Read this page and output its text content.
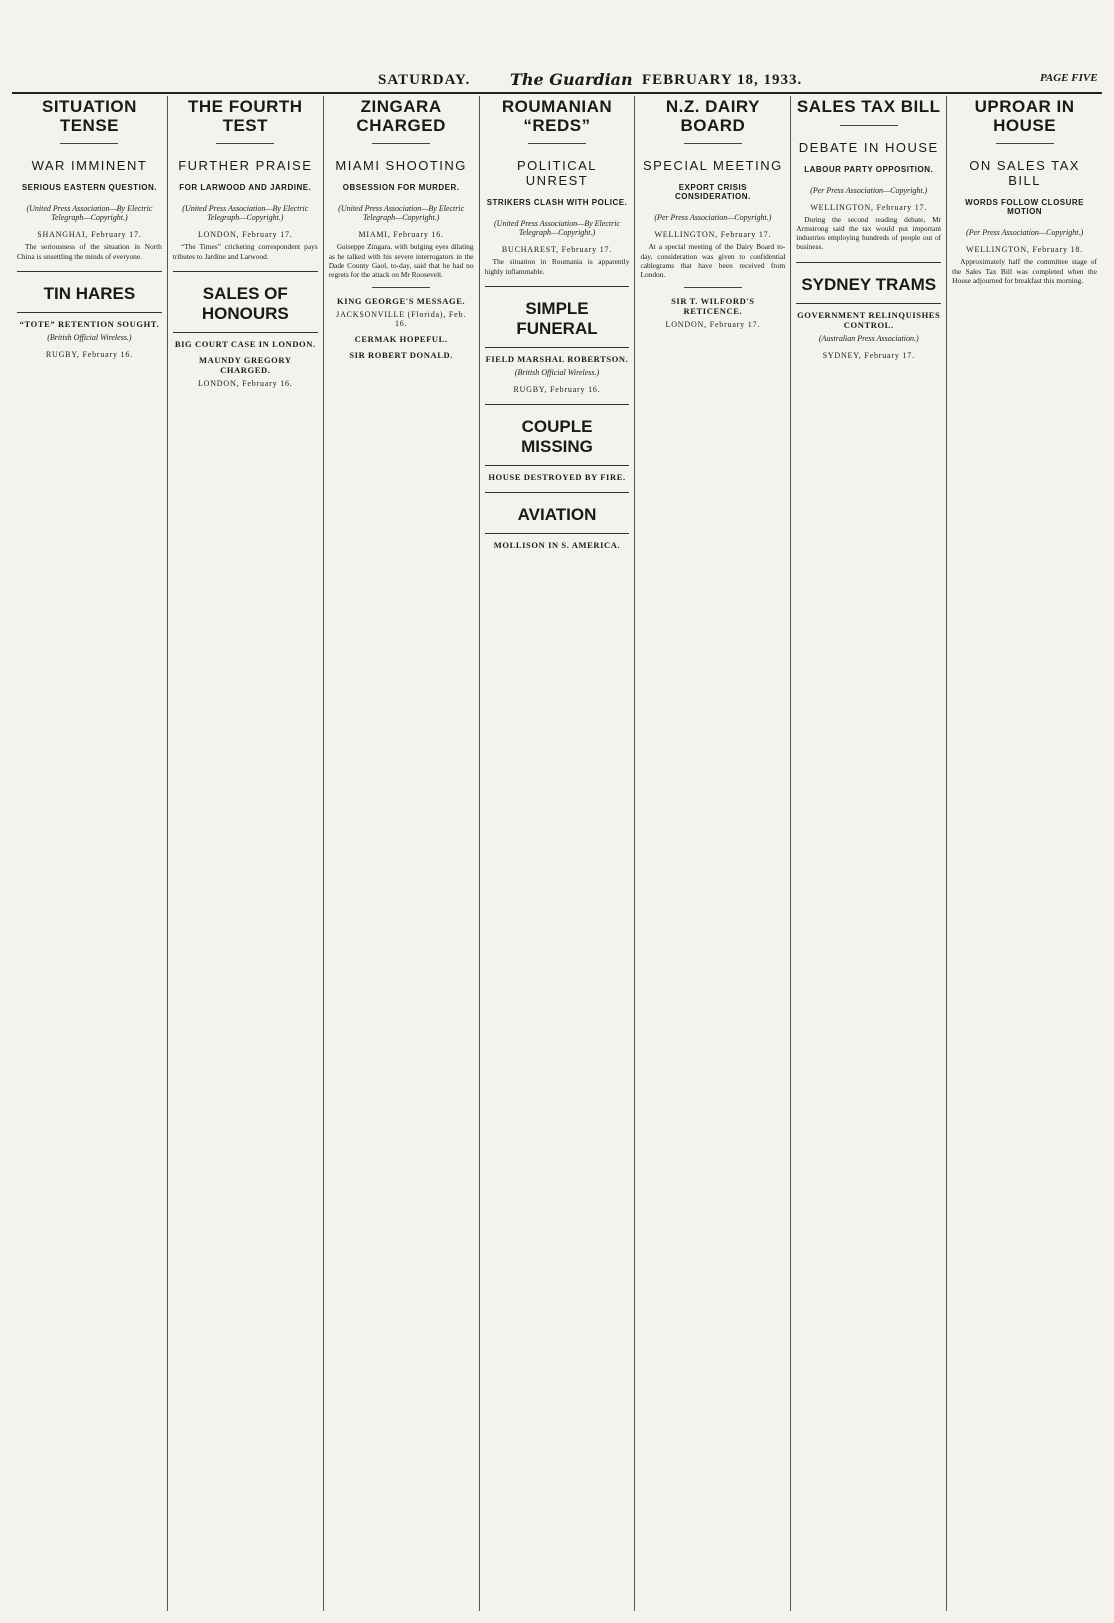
SATURDAY. The Guardian FEBRUARY 18, 1933.	PAGE FIVE
SITUATION TENSE
WAR IMMINENT
SERIOUS EASTERN QUESTION.
(United Press Association—By Electric Telegraph—Copyright.)
SHANGHAI, February 17.

The seriousness of the situation in North China is unsettling the minds of everyone.

TIN HARES
“TOTE” RETENTION SOUGHT.
(British Official Wireless.)
RUGBY, February 16.
THE FOURTH TEST
FURTHER PRAISE
FOR LARWOOD AND JARDINE.
(United Press Association—By Electric Telegraph—Copyright.)
LONDON, February 17.

“The Times” cricketing correspondent pays tributes to Jardine and Larwood.

SALES OF HONOURS
BIG COURT CASE IN LONDON.
MAUNDY GREGORY CHARGED.
LONDON, February 16.
ZINGARA CHARGED
MIAMI SHOOTING
OBSESSION FOR MURDER.
(United Press Association—By Electric Telegraph—Copyright.)
MIAMI, February 16.

Guiseppe Zingara, with bulging eyes dilating as he talked with his severe interrogators in the Dade County Gaol, to-day, said that he had no regrets for the attack on Mr Roosevelt.

KING GEORGE'S MESSAGE.
JACKSONVILLE (Florida), Feb. 16.
CERMAK HOPEFUL.
SIR ROBERT DONALD.
ROUMANIAN “REDS”
POLITICAL UNREST
STRIKERS CLASH WITH POLICE.
(United Press Association—By Electric Telegraph—Copyright.)
BUCHAREST, February 17.

The situation in Roumania is apparently highly inflammable.

SIMPLE FUNERAL
FIELD MARSHAL ROBERTSON.
(British Official Wireless.)
RUGBY, February 16.
COUPLE MISSING
HOUSE DESTROYED BY FIRE.
AVIATION
MOLLISON IN S. AMERICA.
N.Z. DAIRY BOARD
SPECIAL MEETING
EXPORT CRISIS CONSIDERATION.
(Per Press Association—Copyright.)
WELLINGTON, February 17.

At a special meeting of the Dairy Board to-day, consideration was given to confidential cablegrams that have been received from London.

SIR T. WILFORD'S RETICENCE.
LONDON, February 17.
SALES TAX BILL
DEBATE IN HOUSE
LABOUR PARTY OPPOSITION.
(Per Press Association—Copyright.)
WELLINGTON, February 17.

During the second reading debate, Mr Armstrong said the tax would put important industries employing hundreds of people out of business.

SYDNEY TRAMS
GOVERNMENT RELINQUISHES CONTROL.
(Australian Press Association.)
SYDNEY, February 17.
UPROAR IN HOUSE
ON SALES TAX BILL
WORDS FOLLOW CLOSURE MOTION
(Per Press Association—Copyright.)
WELLINGTON, February 18.

Approximately half the committee stage of the Sales Tax Bill was completed when the House adjourned for breakfast this morning.
